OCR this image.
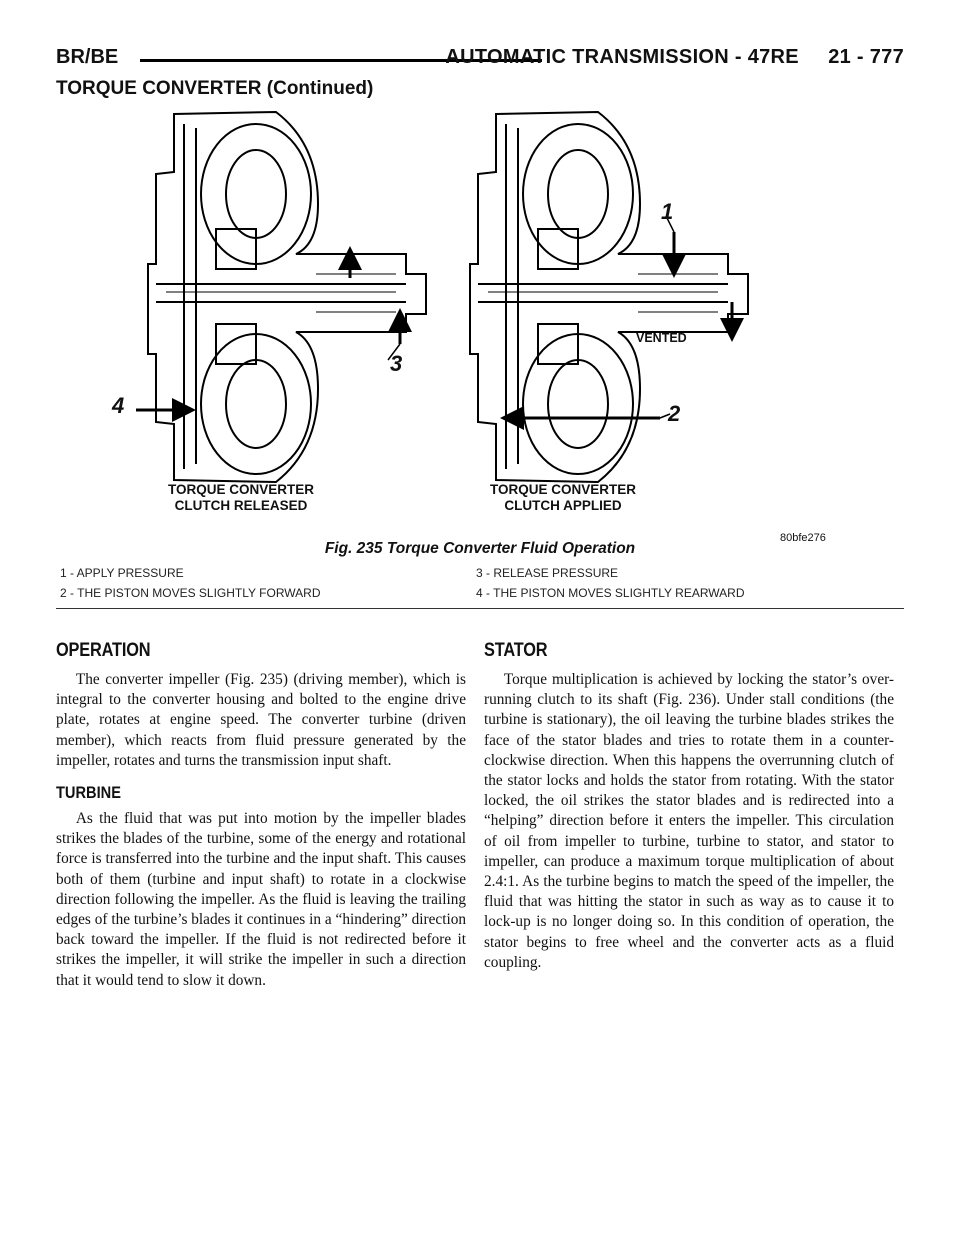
BR/BE	AUTOMATIC TRANSMISSION - 47RE     21 - 777
TORQUE CONVERTER (Continued)
1
2
3
4
VENTED
TORQUE CONVERTER
CLUTCH RELEASED
TORQUE CONVERTER
CLUTCH APPLIED
80bfe276
Fig. 235 Torque Converter Fluid Operation
1 - APPLY PRESSURE
2 - THE PISTON MOVES SLIGHTLY FORWARD
3 - RELEASE PRESSURE
4 - THE PISTON MOVES SLIGHTLY REARWARD
OPERATION

The converter impeller (Fig. 235) (driving member), which is integral to the converter housing and bolted to the engine drive plate, rotates at engine speed. The converter turbine (driven member), which reacts from fluid pressure generated by the impeller, rotates and turns the transmission input shaft.

TURBINE

As the fluid that was put into motion by the impeller blades strikes the blades of the turbine, some of the energy and rotational force is transferred into the turbine and the input shaft. This causes both of them (turbine and input shaft) to rotate in a clockwise direction following the impeller. As the fluid is leaving the trailing edges of the turbine’s blades it continues in a “hindering” direction back toward the impeller. If the fluid is not redirected before it strikes the impeller, it will strike the impeller in such a direction that it would tend to slow it down.

STATOR

Torque multiplication is achieved by locking the stator’s over-running clutch to its shaft (Fig. 236). Under stall conditions (the turbine is stationary), the oil leaving the turbine blades strikes the face of the stator blades and tries to rotate them in a counter-clockwise direction. When this happens the overrunning clutch of the stator locks and holds the stator from rotating. With the stator locked, the oil strikes the stator blades and is redirected into a “helping” direction before it enters the impeller. This circulation of oil from impeller to turbine, turbine to stator, and stator to impeller, can produce a maximum torque multiplication of about 2.4:1. As the turbine begins to match the speed of the impeller, the fluid that was hitting the stator in such as way as to cause it to lock-up is no longer doing so. In this condition of operation, the stator begins to free wheel and the converter acts as a fluid coupling.
